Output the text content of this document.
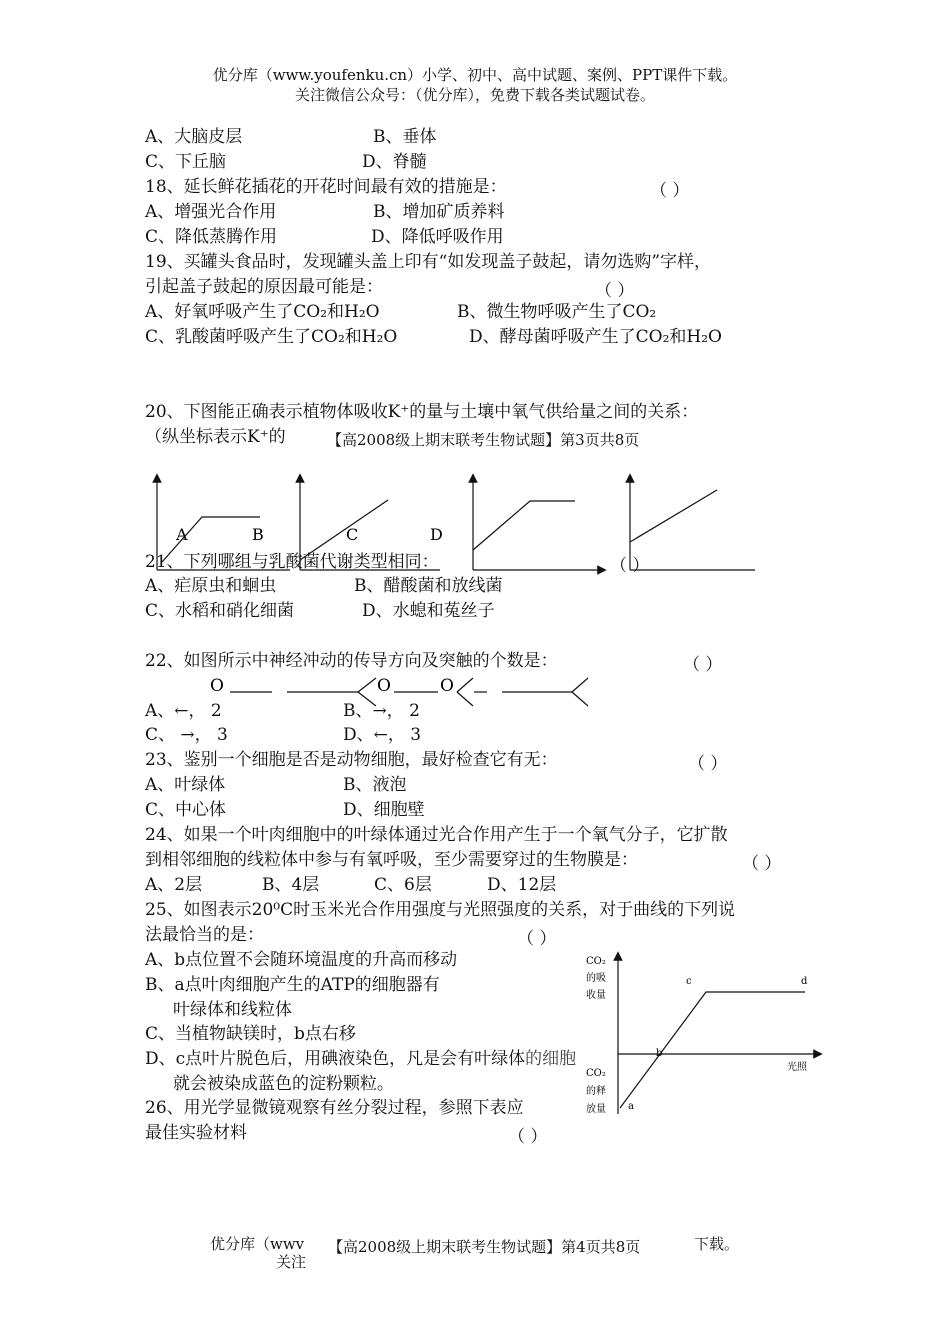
优分库（www.youfenku.cn）小学、初中、高中试题、案例、PPT课件下载。
关注微信公众号：（优分库），免费下载各类试题试卷。
A、大脑皮层	B、垂体
C、下丘脑	D、脊髓
18、延长鲜花插花的开花时间最有效的措施是：	（ ）
A、增强光合作用	B、增加矿质养料
C、降低蒸腾作用	D、降低呼吸作用
19、买罐头食品时，发现罐头盖上印有“如发现盖子鼓起，请勿选购”字样，
引起盖子鼓起的原因最可能是：	（ ）
A、好氧呼吸产生了CO₂和H₂O	B、微生物呼吸产生了CO₂
C、乳酸菌呼吸产生了CO₂和H₂O	D、酵母菌呼吸产生了CO₂和H₂O
20、下图能正确表示植物体吸收K⁺的量与土壤中氧气供给量之间的关系：
（纵坐标表示K⁺的	【高2008级上期末联考生物试题】第3页共8页
A	B	C	D
21、下列哪组与乳酸菌代谢类型相同：	（ ）
A、疟原虫和蛔虫	B、醋酸菌和放线菌
C、水稻和硝化细菌	D、水螅和菟丝子
22、如图所示中神经冲动的传导方向及突触的个数是：	（ ）
O	O	O
A、←， 2	B、→， 2
C、 →， 3	D、←， 3
23、鉴别一个细胞是否是动物细胞，最好检查它有无：	（ ）
A、叶绿体	B、液泡
C、中心体	D、细胞壁
24、如果一个叶肉细胞中的叶绿体通过光合作用产生于一个氧气分子，它扩散
到相邻细胞的线粒体中参与有氧呼吸，至少需要穿过的生物膜是：	（ ）
A、2层	B、4层	C、6层	D、12层
25、如图表示20⁰C时玉米光合作用强度与光照强度的关系，对于曲线的下列说
法最恰当的是：	（ ）
A、b点位置不会随环境温度的升高而移动
B、a点叶肉细胞产生的ATP的细胞器有
叶绿体和线粒体
C、当植物缺镁时，b点右移
D、c点叶片脱色后，用碘液染色，凡是会有叶绿体的细胞
就会被染成蓝色的淀粉颗粒。
26、用光学显微镜观察有丝分裂过程，参照下表应
最佳实验材料	（ ）
CO₂
的吸
收量
CO₂
的释
放量
光照
a
b
c	d
优分库（wwv
关注
【高2008级上期末联考生物试题】第4页共8页	下载。
